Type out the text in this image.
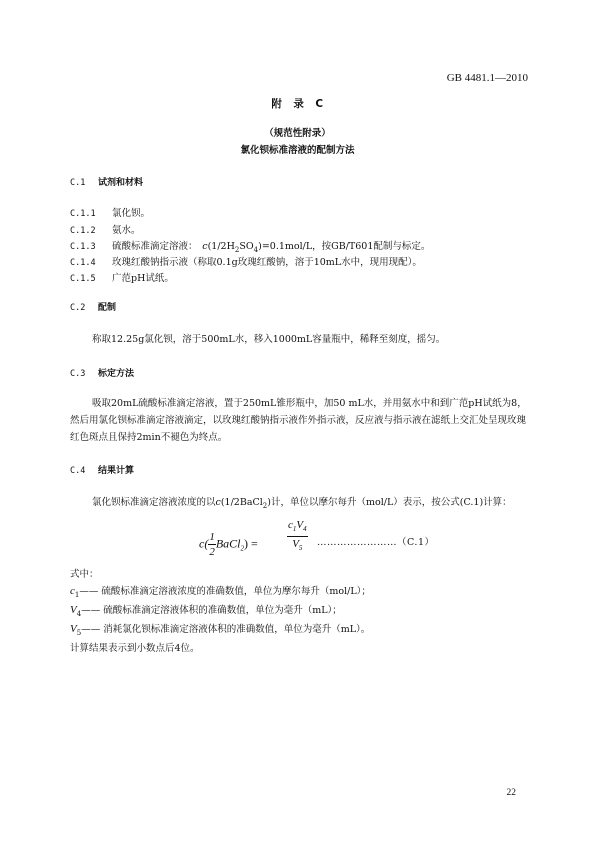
GB 4481.1—2010
附　录　C
（规范性附录）
氯化钡标准溶液的配制方法
C.1 试剂和材料
C.1.1 氯化钡。
C.1.2 氨水。
C.1.3 硫酸标准滴定溶液：　$c(1/2H_2SO_4)=0.1mol/L$，按GB/T601配制与标定。
C.1.4 玫瑰红酸钠指示液（称取0.1g玫瑰红酸钠，溶于10mL水中，现用现配）。
C.1.5 广范pH试纸。
C.2 配制
称取12.25g氯化钡，溶于500mL水，移入1000mL容量瓶中，稀释至刻度，摇匀。
C.3 标定方法
吸取20mL硫酸标准滴定溶液，置于250mL锥形瓶中，加50 mL水，并用氨水中和到广范pH试纸为8，然后用氯化钡标准滴定溶液滴定，以玫瑰红酸钠指示液作外指示液，反应液与指示液在滤纸上交汇处呈现玫瑰红色斑点且保持2min不褪色为终点。
C.4 结果计算
氯化钡标准滴定溶液浓度的以c(1/2BaCl$_2$)计，单位以摩尔每升（mol/L）表示，按公式(C.1)计算：
$c( \frac{1}{2}$ BaCl$_2$) =	$\frac{c_1V_4}{V_5}$ ……………………（C.1）
式中：
$c_1——$ 硫酸标准滴定溶液浓度的准确数值，单位为摩尔每升（mol/L）；
$V_4——$ 硫酸标准滴定溶液体积的准确数值，单位为毫升（mL）；
$V_5——$ 消耗氯化钡标准滴定溶液体积的准确数值，单位为毫升（mL）。
计算结果表示到小数点后4位。
22
